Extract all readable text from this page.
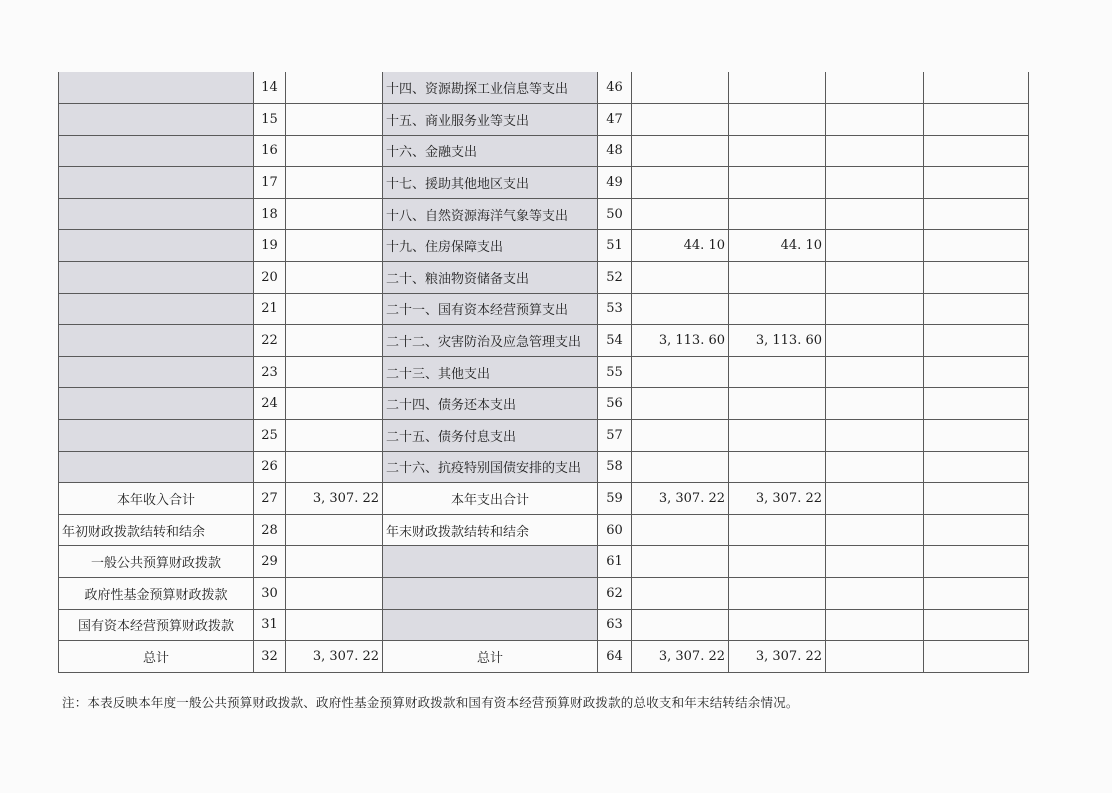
	14		十四、资源勘探工业信息等支出	46				
	15		十五、商业服务业等支出	47				
	16		十六、金融支出	48				
	17		十七、援助其他地区支出	49				
	18		十八、自然资源海洋气象等支出	50				
	19		十九、住房保障支出	51	44. 10	44. 10		
	20		二十、粮油物资储备支出	52				
	21		二十一、国有资本经营预算支出	53				
	22		二十二、灾害防治及应急管理支出	54	3, 113. 60	3, 113. 60		
	23		二十三、其他支出	55				
	24		二十四、债务还本支出	56				
	25		二十五、债务付息支出	57				
	26		二十六、抗疫特别国债安排的支出	58				
本年收入合计	27	3, 307. 22	本年支出合计	59	3, 307. 22	3, 307. 22		
年初财政拨款结转和结余	28		年末财政拨款结转和结余	60				
一般公共预算财政拨款	29			61				
政府性基金预算财政拨款	30			62				
国有资本经营预算财政拨款	31			63				
总计	32	3, 307. 22	总计	64	3, 307. 22	3, 307. 22		
注：本表反映本年度一般公共预算财政拨款、政府性基金预算财政拨款和国有资本经营预算财政拨款的总收支和年末结转结余情况。
